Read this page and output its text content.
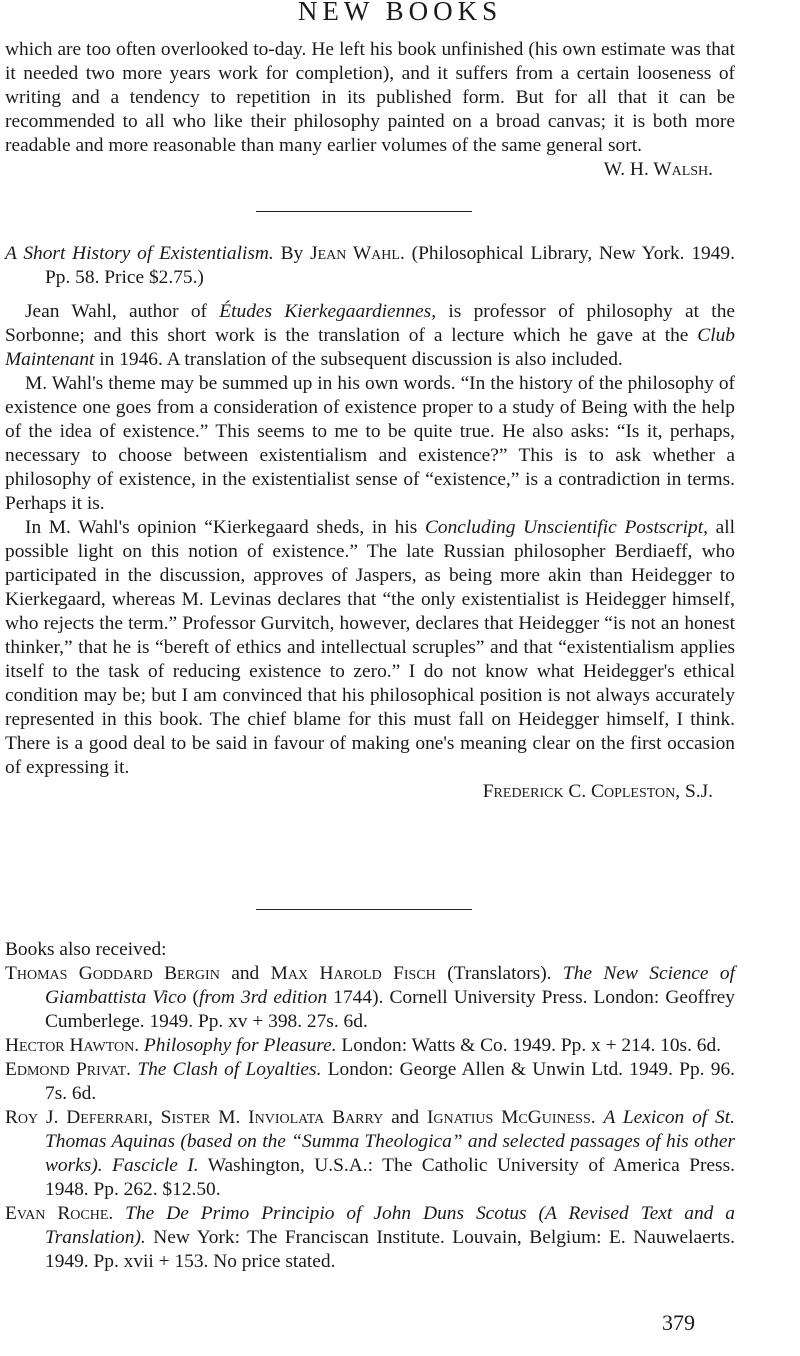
NEW BOOKS

which are too often overlooked to-day. He left his book unfinished (his own estimate was that it needed two more years work for completion), and it suffers from a certain looseness of writing and a tendency to repetition in its published form. But for all that it can be recommended to all who like their philosophy painted on a broad canvas; it is both more readable and more reasonable than many earlier volumes of the same general sort.

W. H. Walsh.

A Short History of Existentialism. By Jean Wahl. (Philosophical Library, New York. 1949. Pp. 58. Price $2.75.)

Jean Wahl, author of Études Kierkegaardiennes, is professor of philosophy at the Sorbonne; and this short work is the translation of a lecture which he gave at the Club Maintenant in 1946. A translation of the subsequent discussion is also included.

M. Wahl's theme may be summed up in his own words. “In the history of the philosophy of existence one goes from a consideration of existence proper to a study of Being with the help of the idea of existence.” This seems to me to be quite true. He also asks: “Is it, perhaps, necessary to choose between existentialism and existence?” This is to ask whether a philosophy of existence, in the existentialist sense of “existence,” is a contradiction in terms. Perhaps it is.

In M. Wahl's opinion “Kierkegaard sheds, in his Concluding Unscientific Postscript, all possible light on this notion of existence.” The late Russian philosopher Berdiaeff, who participated in the discussion, approves of Jaspers, as being more akin than Heidegger to Kierkegaard, whereas M. Levinas declares that “the only existentialist is Heidegger himself, who rejects the term.” Professor Gurvitch, however, declares that Heidegger “is not an honest thinker,” that he is “bereft of ethics and intellectual scruples” and that “existentialism applies itself to the task of reducing existence to zero.” I do not know what Heidegger's ethical condition may be; but I am convinced that his philosophical position is not always accurately represented in this book. The chief blame for this must fall on Heidegger himself, I think. There is a good deal to be said in favour of making one's meaning clear on the first occasion of expressing it.

Frederick C. Copleston, S.J.

Books also received:

Thomas Goddard Bergin and Max Harold Fisch (Translators). The New Science of Giambattista Vico (from 3rd edition 1744). Cornell University Press. London: Geoffrey Cumberlege. 1949. Pp. xv + 398. 27s. 6d.

Hector Hawton. Philosophy for Pleasure. London: Watts & Co. 1949. Pp. x + 214. 10s. 6d.

Edmond Privat. The Clash of Loyalties. London: George Allen & Unwin Ltd. 1949. Pp. 96. 7s. 6d.

Roy J. Deferrari, Sister M. Inviolata Barry and Ignatius McGuiness. A Lexicon of St. Thomas Aquinas (based on the “Summa Theologica” and selected passages of his other works). Fascicle I. Washington, U.S.A.: The Catholic University of America Press. 1948. Pp. 262. $12.50.

Evan Roche. The De Primo Principio of John Duns Scotus (A Revised Text and a Translation). New York: The Franciscan Institute. Louvain, Belgium: E. Nauwelaerts. 1949. Pp. xvii + 153. No price stated.

379
